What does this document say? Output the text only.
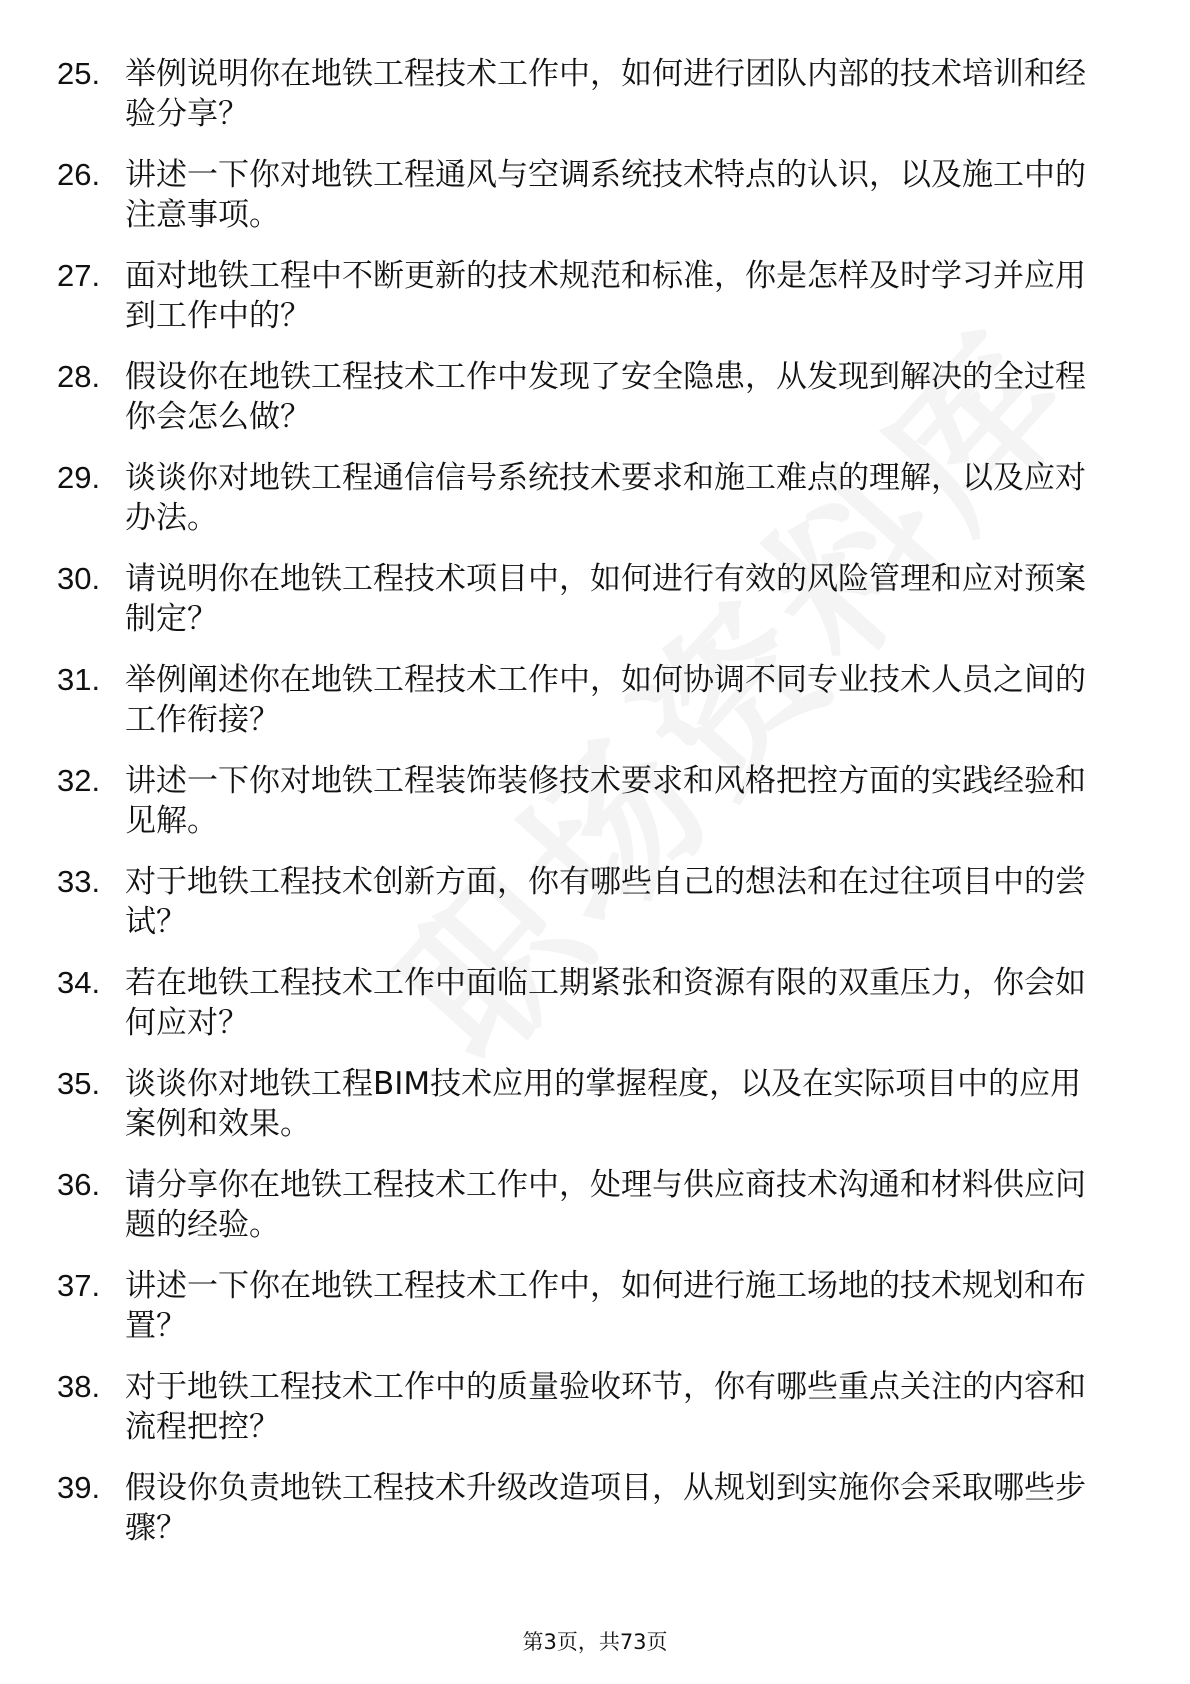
25. 举例说明你在地铁工程技术工作中，如何进行团队内部的技术培训和经验分享？
26. 讲述一下你对地铁工程通风与空调系统技术特点的认识，以及施工中的注意事项。
27. 面对地铁工程中不断更新的技术规范和标准，你是怎样及时学习并应用到工作中的？
28. 假设你在地铁工程技术工作中发现了安全隐患，从发现到解决的全过程你会怎么做？
29. 谈谈你对地铁工程通信信号系统技术要求和施工难点的理解，以及应对办法。
30. 请说明你在地铁工程技术项目中，如何进行有效的风险管理和应对预案制定？
31. 举例阐述你在地铁工程技术工作中，如何协调不同专业技术人员之间的工作衔接？
32. 讲述一下你对地铁工程装饰装修技术要求和风格把控方面的实践经验和见解。
33. 对于地铁工程技术创新方面，你有哪些自己的想法和在过往项目中的尝试？
34. 若在地铁工程技术工作中面临工期紧张和资源有限的双重压力，你会如何应对？
35. 谈谈你对地铁工程BIM技术应用的掌握程度，以及在实际项目中的应用案例和效果。
36. 请分享你在地铁工程技术工作中，处理与供应商技术沟通和材料供应问题的经验。
37. 讲述一下你在地铁工程技术工作中，如何进行施工场地的技术规划和布置？
38. 对于地铁工程技术工作中的质量验收环节，你有哪些重点关注的内容和流程把控？
39. 假设你负责地铁工程技术升级改造项目，从规划到实施你会采取哪些步骤？
第3页，共73页
